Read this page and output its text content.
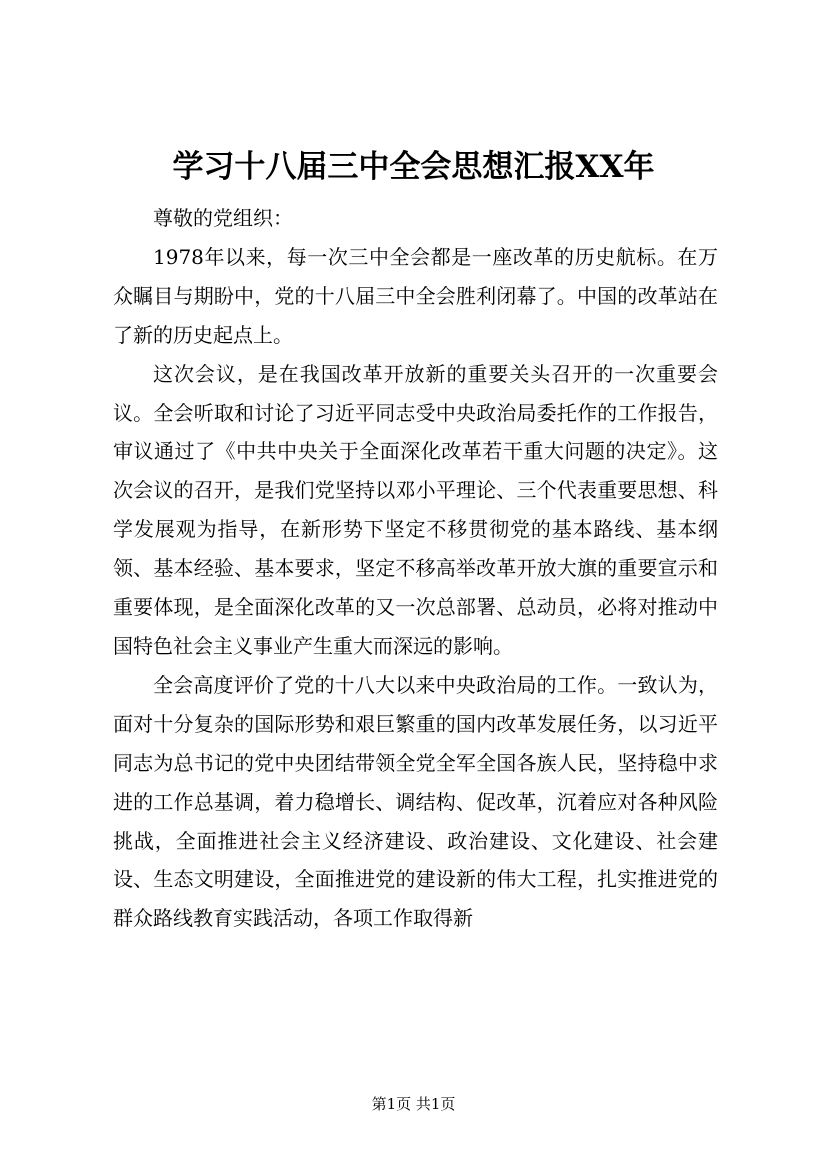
学习十八届三中全会思想汇报XX年

尊敬的党组织：

1978年以来，每一次三中全会都是一座改革的历史航标。在万众瞩目与期盼中，党的十八届三中全会胜利闭幕了。中国的改革站在了新的历史起点上。

这次会议，是在我国改革开放新的重要关头召开的一次重要会议。全会听取和讨论了习近平同志受中央政治局委托作的工作报告，审议通过了《中共中央关于全面深化改革若干重大问题的决定》。这次会议的召开，是我们党坚持以邓小平理论、三个代表重要思想、科学发展观为指导，在新形势下坚定不移贯彻党的基本路线、基本纲领、基本经验、基本要求，坚定不移高举改革开放大旗的重要宣示和重要体现，是全面深化改革的又一次总部署、总动员，必将对推动中国特色社会主义事业产生重大而深远的影响。

全会高度评价了党的十八大以来中央政治局的工作。一致认为，面对十分复杂的国际形势和艰巨繁重的国内改革发展任务，以习近平同志为总书记的党中央团结带领全党全军全国各族人民，坚持稳中求进的工作总基调，着力稳增长、调结构、促改革，沉着应对各种风险挑战，全面推进社会主义经济建设、政治建设、文化建设、社会建设、生态文明建设，全面推进党的建设新的伟大工程，扎实推进党的群众路线教育实践活动，各项工作取得新

第1页 共1页
